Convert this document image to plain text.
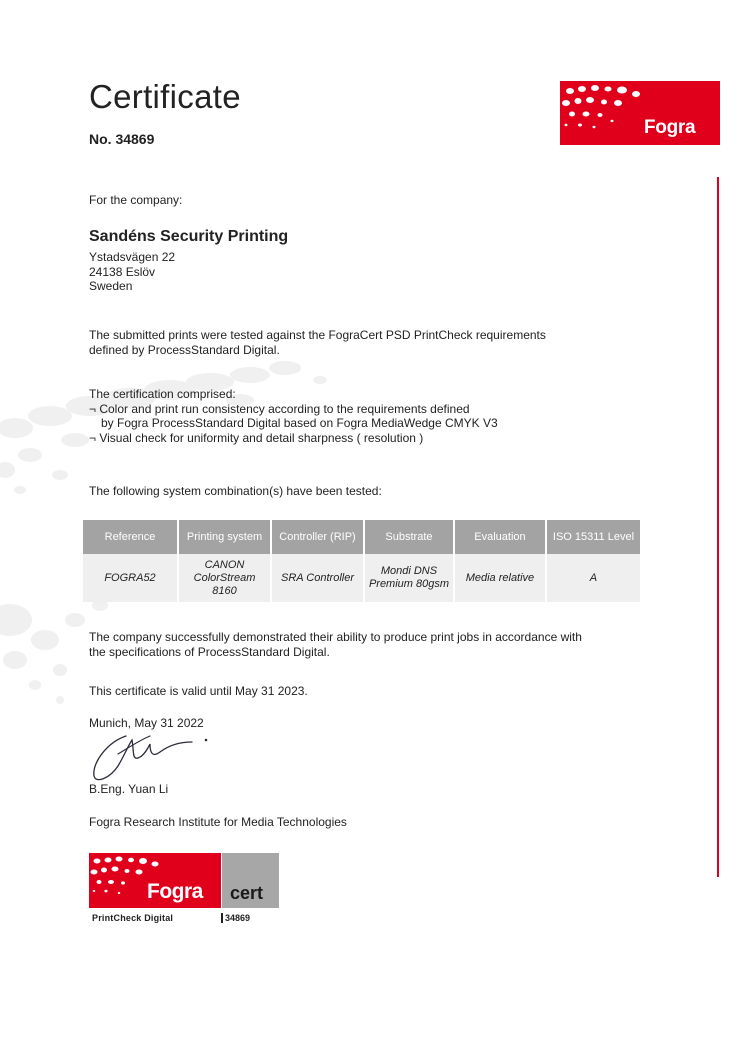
Certificate
No. 34869
Fogra
For the company:
Sandéns Security Printing
Ystadsvägen 22
24138 Eslöv
Sweden
The submitted prints were tested against the FograCert PSD PrintCheck requirements
defined by ProcessStandard Digital.
The certification comprised:
¬ Color and print run consistency according to the requirements defined
by Fogra ProcessStandard Digital based on Fogra MediaWedge CMYK V3
¬ Visual check for uniformity and detail sharpness ( resolution )
The following system combination(s) have been tested:
Reference	Printing system	Controller (RIP)	Substrate	Evaluation	ISO 15311 Level
FOGRA52	CANON ColorStream 8160	SRA Controller	Mondi DNS Premium 80gsm	Media relative	A
The company successfully demonstrated their ability to produce print jobs in accordance with
the specifications of ProcessStandard Digital.
This certificate is valid until May 31 2023.
Munich, May 31 2022
B.Eng. Yuan Li
Fogra Research Institute for Media Technologies
Fogra cert
PrintCheck Digital	34869
